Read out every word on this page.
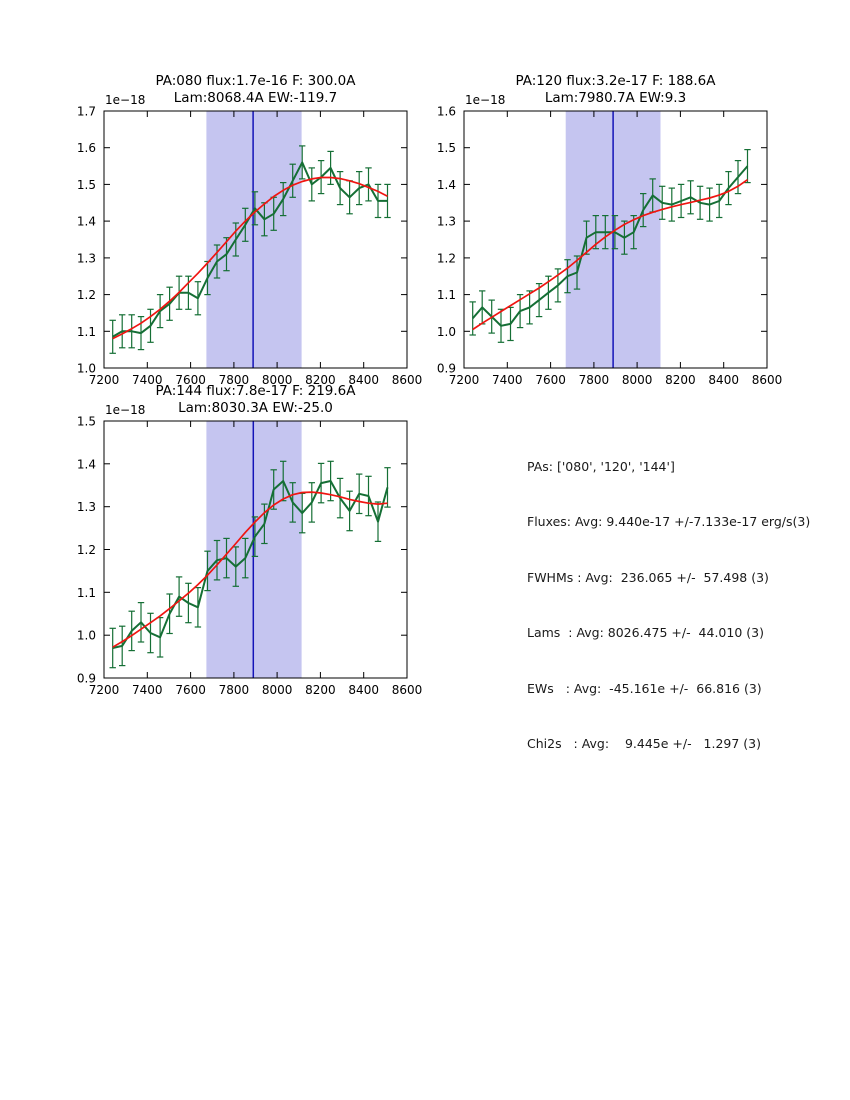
PA:080 flux:1.7e-16 F: 300.0A
Lam:8068.4A EW:-119.7
7200 7400 7600 7800 8000 8200 8400 8600
1.0
1.1
1.2
1.3
1.4
1.5
1.6
1.7
1e−18
PA:120 flux:3.2e-17 F: 188.6A
Lam:7980.7A EW:9.3
7200 7400 7600 7800 8000 8200 8400 8600
0.9
1.0
1.1
1.2
1.3
1.4
1.5
1.6
1e−18
PA:144 flux:7.8e-17 F: 219.6A
Lam:8030.3A EW:-25.0
7200 7400 7600 7800 8000 8200 8400 8600
0.9
1.0
1.1
1.2
1.3
1.4
1.5
1e−18

PAs: ['080', '120', '144']

Fluxes: Avg: 9.440e-17 +/-7.133e-17 erg/s(3)

FWHMs : Avg:  236.065 +/-  57.498 (3)

Lams  : Avg: 8026.475 +/-  44.010 (3)

EWs   : Avg:  -45.161e +/-  66.816 (3)

Chi2s   : Avg:    9.445e +/-   1.297 (3)
